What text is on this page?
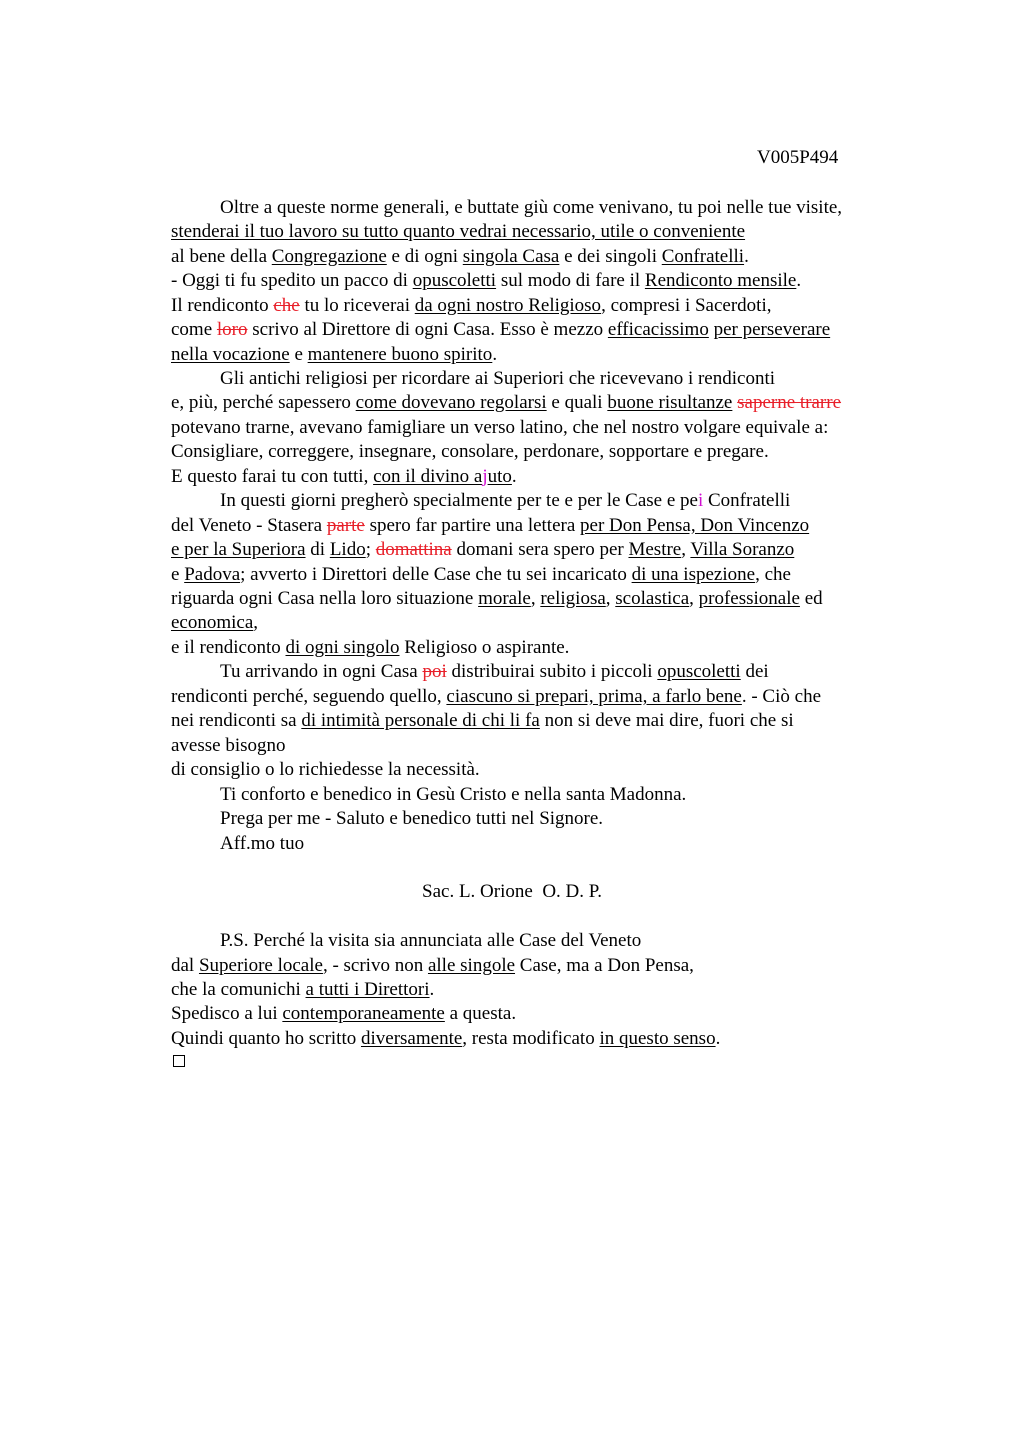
V005P494
Oltre a queste norme generali, e buttate giù come venivano, tu poi nelle tue visite,
stenderai il tuo lavoro su tutto quanto vedrai necessario, utile o conveniente
al bene della Congregazione e di ogni singola Casa e dei singoli Confratelli.
- Oggi ti fu spedito un pacco di opuscoletti sul modo di fare il Rendiconto mensile.
Il rendiconto che tu lo riceverai da ogni nostro Religioso, compresi i Sacerdoti,
come loro scrivo al Direttore di ogni Casa. Esso è mezzo efficacissimo per perseverare
nella vocazione e mantenere buono spirito.
Gli antichi religiosi per ricordare ai Superiori che ricevevano i rendiconti
e, più, perché sapessero come dovevano regolarsi e quali buone risultanze saperne trarre
potevano trarne, avevano famigliare un verso latino, che nel nostro volgare equivale a:
Consigliare, correggere, insegnare, consolare, perdonare, sopportare e pregare.
E questo farai tu con tutti, con il divino ajuto.
In questi giorni pregherò specialmente per te e per le Case e pei Confratelli
del Veneto - Stasera parte spero far partire una lettera per Don Pensa, Don Vincenzo
e per la Superiora di Lido; domattina domani sera spero per Mestre, Villa Soranzo
e Padova; avverto i Direttori delle Case che tu sei incaricato di una ispezione, che
riguarda ogni Casa nella loro situazione morale, religiosa, scolastica, professionale ed
economica,
e il rendiconto di ogni singolo Religioso o aspirante.
Tu arrivando in ogni Casa poi distribuirai subito i piccoli opuscoletti dei
rendiconti perché, seguendo quello, ciascuno si prepari, prima, a farlo bene. - Ciò che
nei rendiconti sa di intimità personale di chi li fa non si deve mai dire, fuori che si
avesse bisogno
di consiglio o lo richiedesse la necessità.
Ti conforto e benedico in Gesù Cristo e nella santa Madonna.
Prega per me - Saluto e benedico tutti nel Signore.
Aff.mo tuo
Sac. L. Orione  O. D. P.
P.S. Perché la visita sia annunciata alle Case del Veneto
dal Superiore locale, - scrivo non alle singole Case, ma a Don Pensa,
che la comunichi a tutti i Direttori.
Spedisco a lui contemporaneamente a questa.
Quindi quanto ho scritto diversamente, resta modificato in questo senso.
